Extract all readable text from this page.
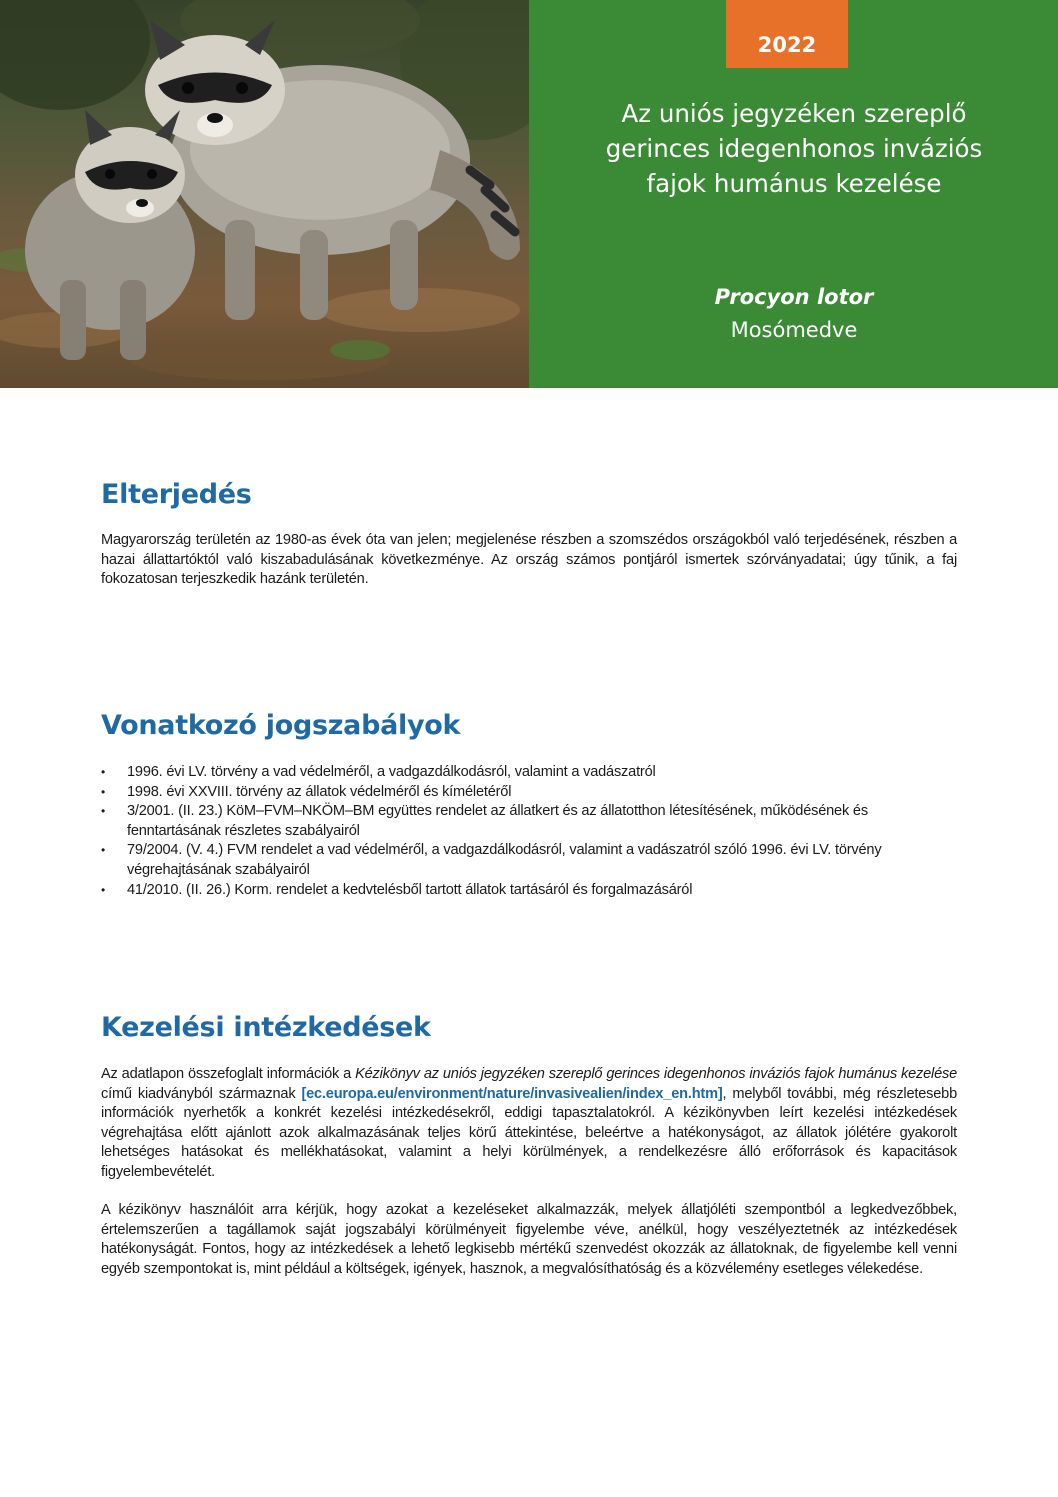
2022
Az uniós jegyzéken szereplő
gerinces idegenhonos inváziós
fajok humánus kezelése
Procyon lotor
Mosómedve
Elterjedés

Magyarország területén az 1980-as évek óta van jelen; megjelenése részben a szomszédos országokból való terjedésének, részben a hazai állattartóktól való kiszabadulásának következménye. Az ország számos pontjáról ismertek szórványadatai; úgy tűnik, a faj fokozatosan terjeszkedik hazánk területén.

Vonatkozó jogszabályok
• 1996. évi LV. törvény a vad védelméről, a vadgazdálkodásról, valamint a vadászatról
• 1998. évi XXVIII. törvény az állatok védelméről és kíméletéről
• 3/2001. (II. 23.) KöM–FVM–NKÖM–BM együttes rendelet az állatkert és az állatotthon létesítésének, működésének és fenntartásának részletes szabályairól
• 79/2004. (V. 4.) FVM rendelet a vad védelméről, a vadgazdálkodásról, valamint a vadászatról szóló 1996. évi LV. törvény végrehajtásának szabályairól
• 41/2010. (II. 26.) Korm. rendelet a kedvtelésből tartott állatok tartásáról és forgalmazásáról
Kezelési intézkedések

Az adatlapon összefoglalt információk a Kézikönyv az uniós jegyzéken szereplő gerinces idegenhonos inváziós fajok humánus kezelése című kiadványból származnak [ec.europa.eu/environment/nature/invasivealien/index_en.htm], melyből további, még részletesebb információk nyerhetők a konkrét kezelési intézkedésekről, eddigi tapasztalatokról. A kézikönyvben leírt kezelési intézkedések végrehajtása előtt ajánlott azok alkalmazásának teljes körű áttekintése, beleértve a hatékonyságot, az állatok jólétére gyakorolt lehetséges hatásokat és mellékhatásokat, valamint a helyi körülmények, a rendelkezésre álló erőforrások és kapacitások figyelembevételét.

A kézikönyv használóit arra kérjük, hogy azokat a kezeléseket alkalmazzák, melyek állatjóléti szempontból a legkedvezőbbek, értelemszerűen a tagállamok saját jogszabályi körülményeit figyelembe véve, anélkül, hogy veszélyeztetnék az intézkedések hatékonyságát. Fontos, hogy az intézkedések a lehető legkisebb mértékű szenvedést okozzák az állatoknak, de figyelembe kell venni egyéb szempontokat is, mint például a költségek, igények, hasznok, a megvalósíthatóság és a közvélemény esetleges vélekedése.
